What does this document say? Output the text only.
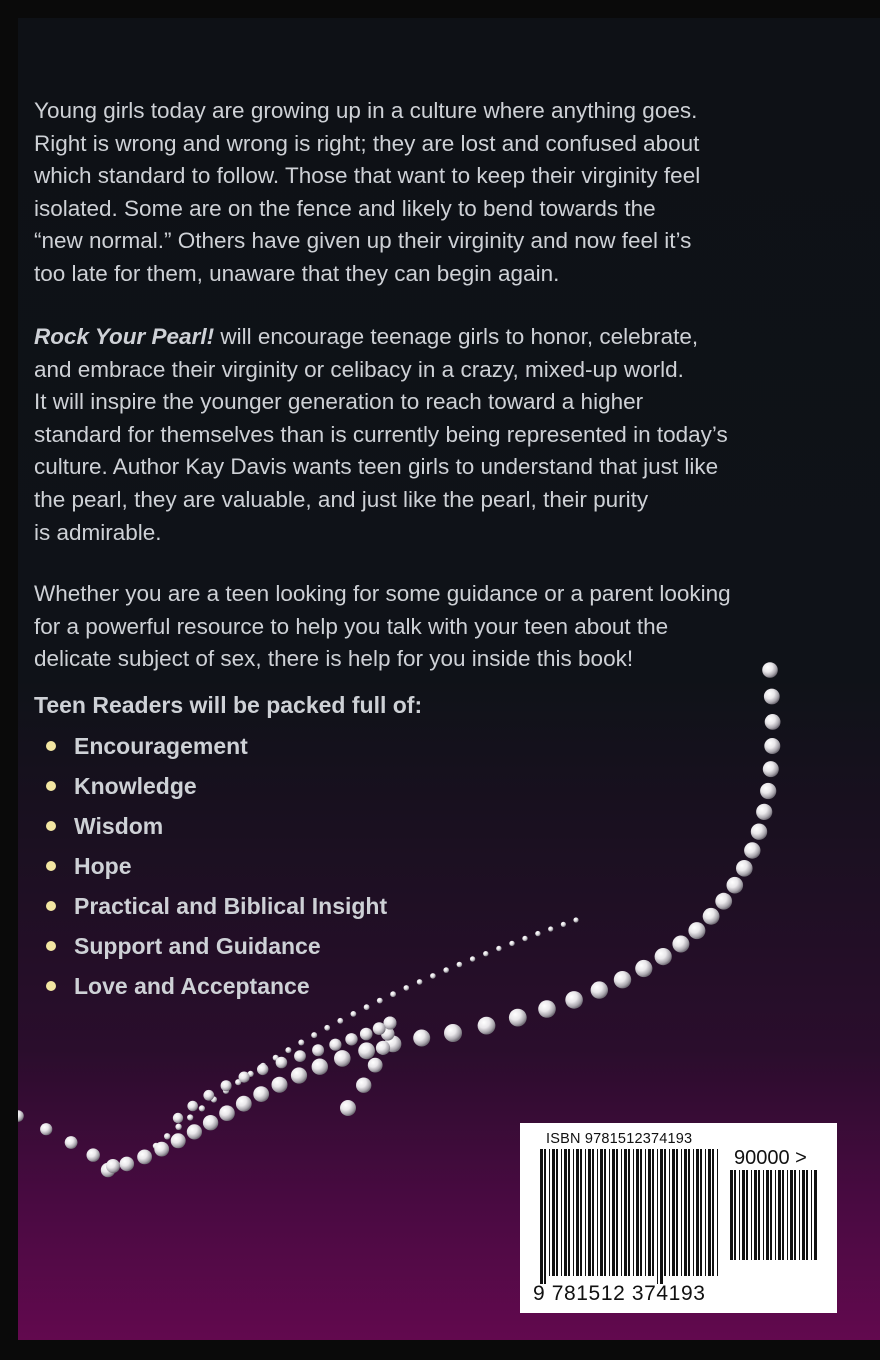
Young girls today are growing up in a culture where anything goes.
Right is wrong and wrong is right; they are lost and confused about
which standard to follow. Those that want to keep their virginity feel
isolated. Some are on the fence and likely to bend towards the
“new normal.” Others have given up their virginity and now feel it’s
too late for them, unaware that they can begin again.

Rock Your Pearl! will encourage teenage girls to honor, celebrate,
and embrace their virginity or celibacy in a crazy, mixed-up world.
It will inspire the younger generation to reach toward a higher
standard for themselves than is currently being represented in today’s
culture. Author Kay Davis wants teen girls to understand that just like
the pearl, they are valuable, and just like the pearl, their purity
is admirable.

Whether you are a teen looking for some guidance or a parent looking
for a powerful resource to help you talk with your teen about the
delicate subject of sex, there is help for you inside this book!

Teen Readers will be packed full of:

Encouragement
Knowledge
Wisdom
Hope
Practical and Biblical Insight
Support and Guidance
Love and Acceptance

ISBN 9781512374193

90000 >

9 781512 374193
